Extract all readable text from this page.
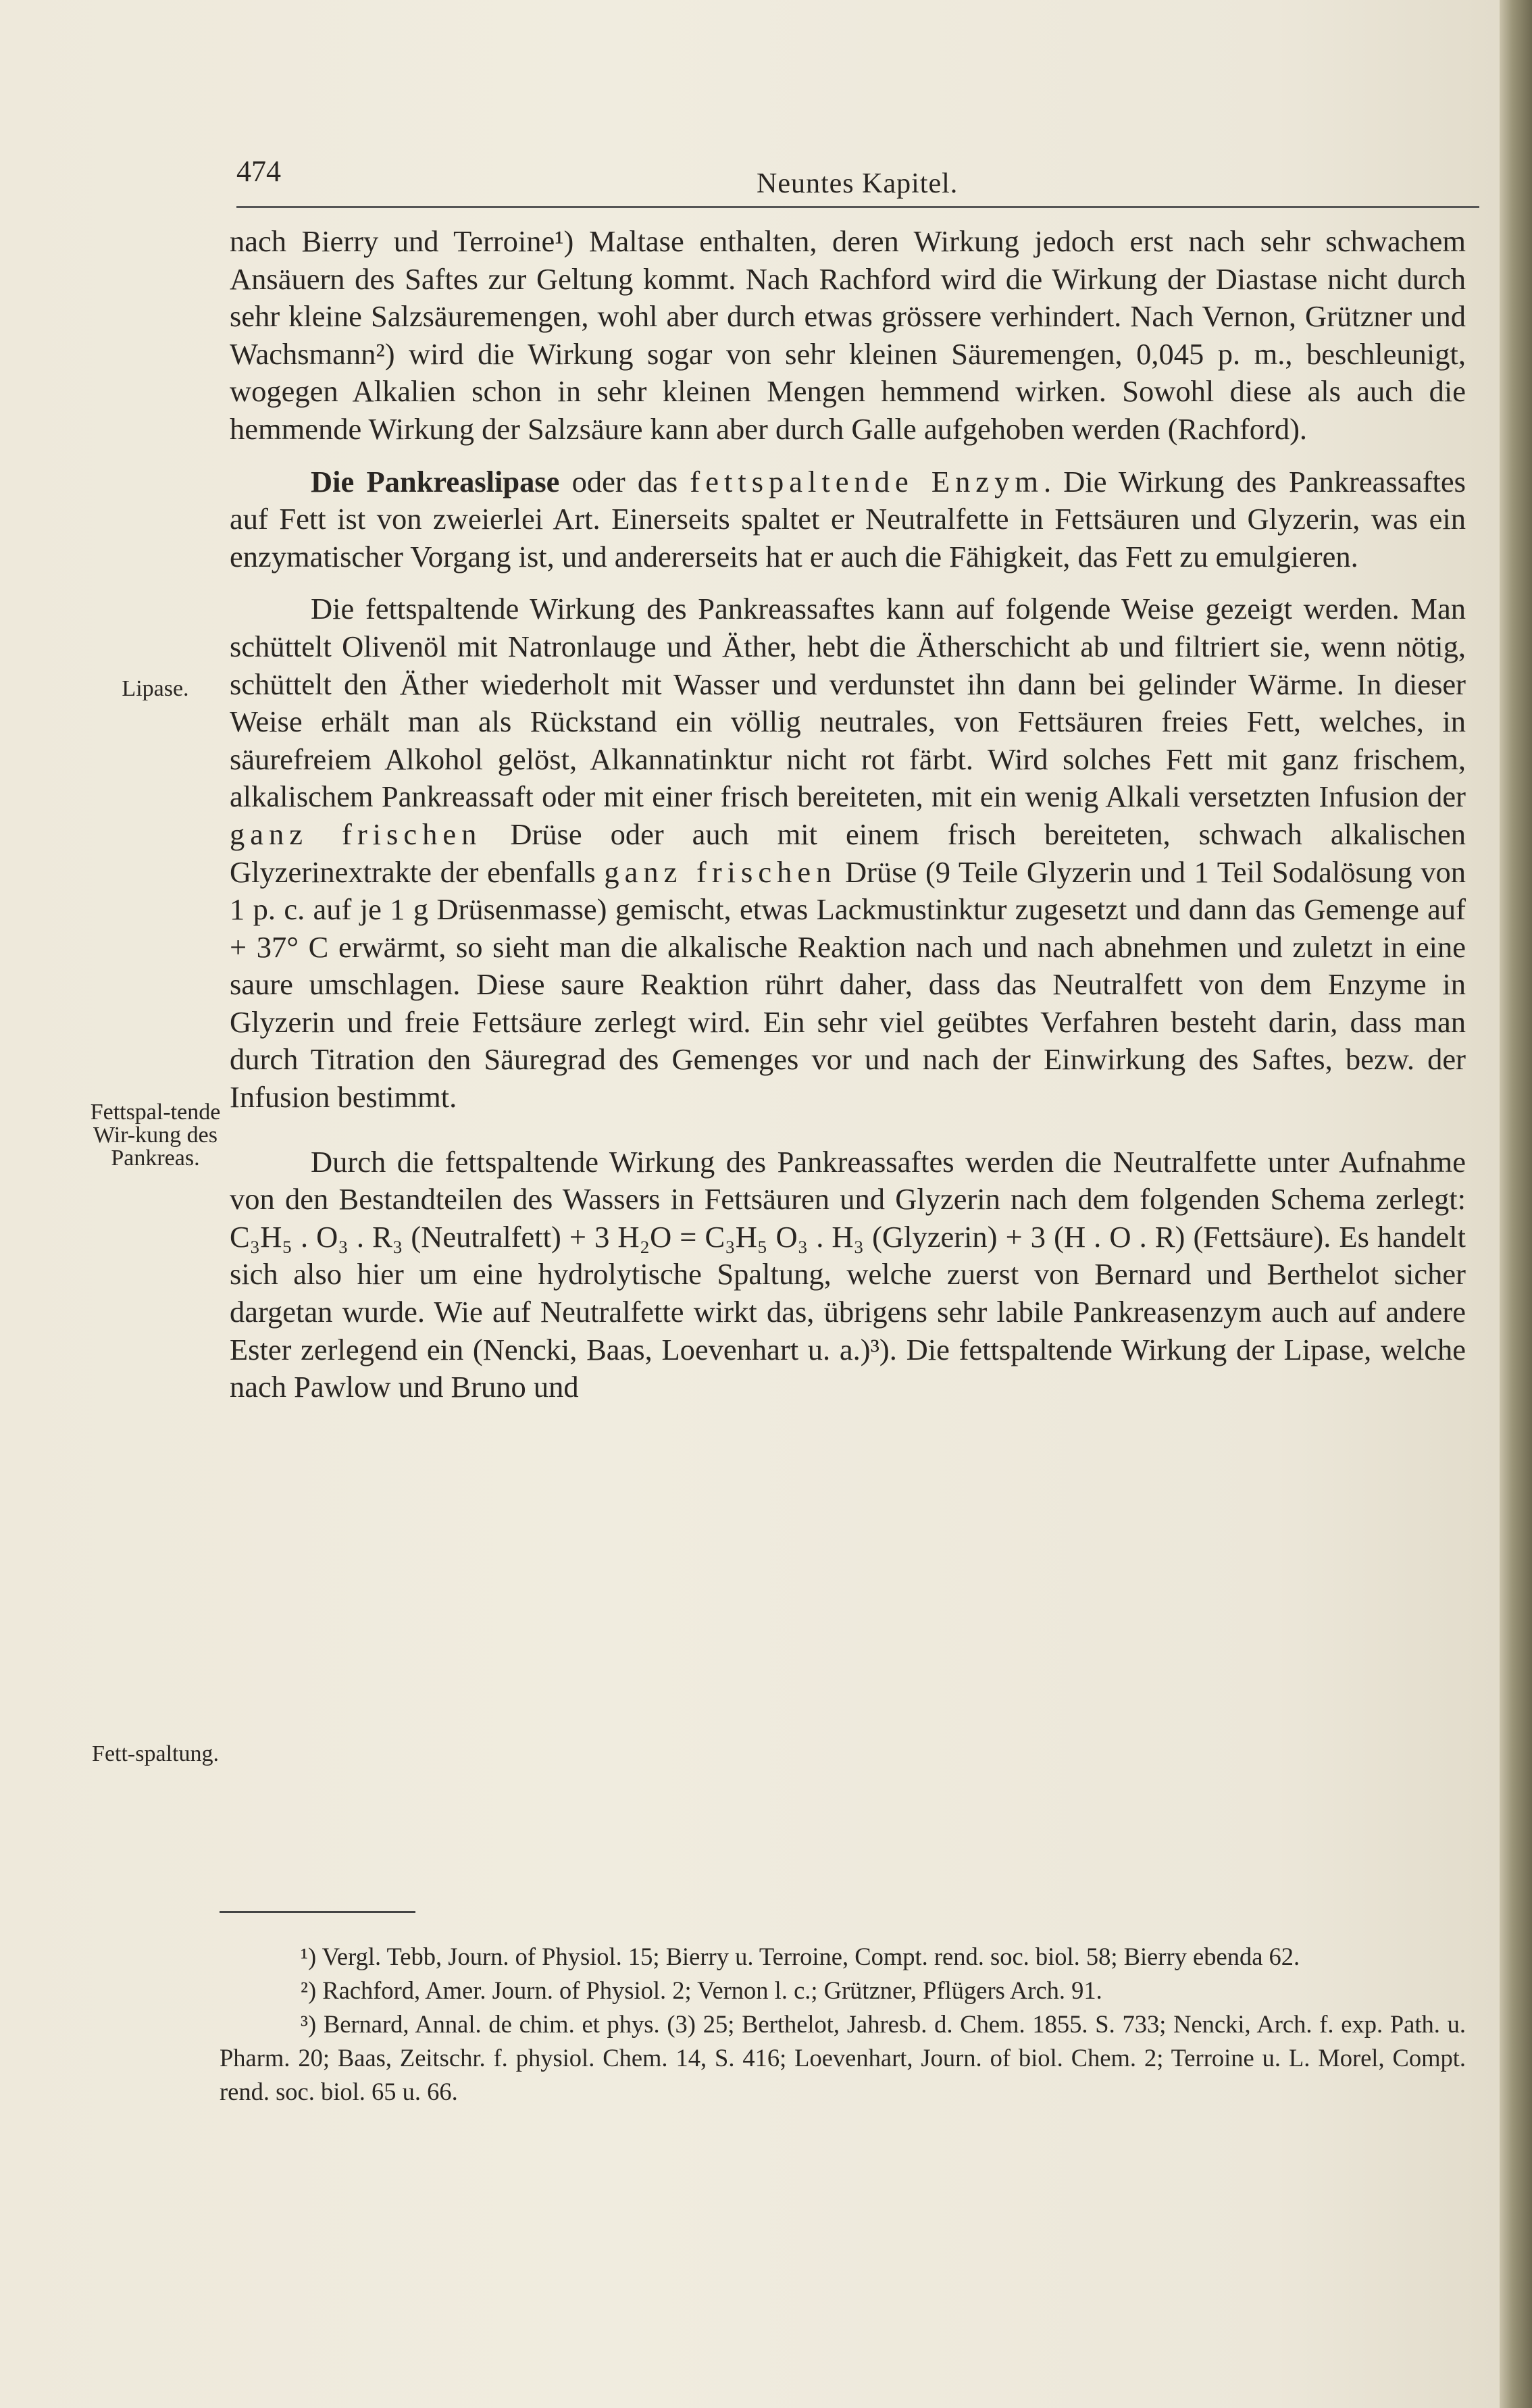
474	Neuntes Kapitel.
Lipase.
Fettspal-tende Wir-kung des Pankreas.
Fett-spaltung.

nach Bierry und Terroine¹) Maltase enthalten, deren Wirkung jedoch erst nach sehr schwachem Ansäuern des Saftes zur Geltung kommt. Nach Rachford wird die Wirkung der Diastase nicht durch sehr kleine Salzsäuremengen, wohl aber durch etwas grössere verhindert. Nach Vernon, Grützner und Wachsmann²) wird die Wirkung sogar von sehr kleinen Säuremengen, 0,045 p. m., beschleunigt, wogegen Alkalien schon in sehr kleinen Mengen hemmend wirken. Sowohl diese als auch die hemmende Wirkung der Salzsäure kann aber durch Galle aufgehoben werden (Rachford).

Die Pankreaslipase oder das fettspaltende Enzym. Die Wirkung des Pankreassaftes auf Fett ist von zweierlei Art. Einerseits spaltet er Neutralfette in Fettsäuren und Glyzerin, was ein enzymatischer Vorgang ist, und andererseits hat er auch die Fähigkeit, das Fett zu emulgieren.

Die fettspaltende Wirkung des Pankreassaftes kann auf folgende Weise gezeigt werden. Man schüttelt Olivenöl mit Natronlauge und Äther, hebt die Ätherschicht ab und filtriert sie, wenn nötig, schüttelt den Äther wiederholt mit Wasser und verdunstet ihn dann bei gelinder Wärme. In dieser Weise erhält man als Rückstand ein völlig neutrales, von Fettsäuren freies Fett, welches, in säurefreiem Alkohol gelöst, Alkannatinktur nicht rot färbt. Wird solches Fett mit ganz frischem, alkalischem Pankreassaft oder mit einer frisch bereiteten, mit ein wenig Alkali versetzten Infusion der ganz frischen Drüse oder auch mit einem frisch bereiteten, schwach alkalischen Glyzerinextrakte der ebenfalls ganz frischen Drüse (9 Teile Glyzerin und 1 Teil Sodalösung von 1 p. c. auf je 1 g Drüsenmasse) gemischt, etwas Lackmustinktur zugesetzt und dann das Gemenge auf + 37° C erwärmt, so sieht man die alkalische Reaktion nach und nach abnehmen und zuletzt in eine saure umschlagen. Diese saure Reaktion rührt daher, dass das Neutralfett von dem Enzyme in Glyzerin und freie Fettsäure zerlegt wird. Ein sehr viel geübtes Verfahren besteht darin, dass man durch Titration den Säuregrad des Gemenges vor und nach der Einwirkung des Saftes, bezw. der Infusion bestimmt.

Durch die fettspaltende Wirkung des Pankreassaftes werden die Neutralfette unter Aufnahme von den Bestandteilen des Wassers in Fettsäuren und Glyzerin nach dem folgenden Schema zerlegt: C₃H₅ . O₃ . R₃ (Neutralfett) + 3 H₂O = C₃H₅ O₃ . H₃ (Glyzerin) + 3 (H . O . R) (Fettsäure). Es handelt sich also hier um eine hydrolytische Spaltung, welche zuerst von Bernard und Berthelot sicher dargetan wurde. Wie auf Neutralfette wirkt das, übrigens sehr labile Pankreasenzym auch auf andere Ester zerlegend ein (Nencki, Baas, Loevenhart u. a.)³). Die fettspaltende Wirkung der Lipase, welche nach Pawlow und Bruno und

¹) Vergl. Tebb, Journ. of Physiol. 15; Bierry u. Terroine, Compt. rend. soc. biol. 58; Bierry ebenda 62.

²) Rachford, Amer. Journ. of Physiol. 2; Vernon l. c.; Grützner, Pflügers Arch. 91.

³) Bernard, Annal. de chim. et phys. (3) 25; Berthelot, Jahresb. d. Chem. 1855. S. 733; Nencki, Arch. f. exp. Path. u. Pharm. 20; Baas, Zeitschr. f. physiol. Chem. 14, S. 416; Loevenhart, Journ. of biol. Chem. 2; Terroine u. L. Morel, Compt. rend. soc. biol. 65 u. 66.
